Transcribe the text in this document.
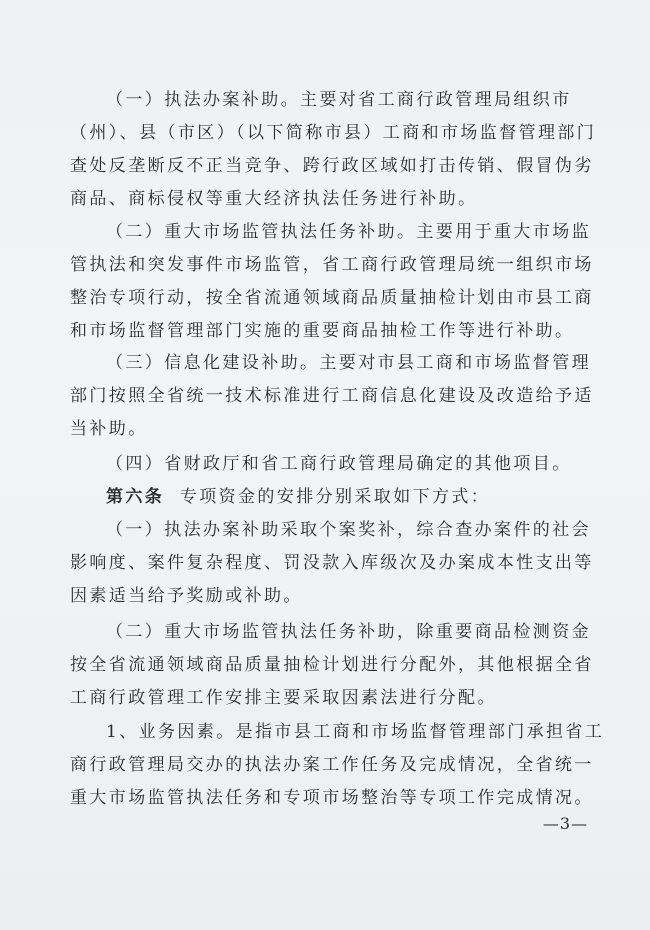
（一）执法办案补助。主要对省工商行政管理局组织市
（州）、县（市区）（以下简称市县）工商和市场监督管理部门
查处反垄断反不正当竞争、跨行政区域如打击传销、假冒伪劣
商品、商标侵权等重大经济执法任务进行补助。
（二）重大市场监管执法任务补助。主要用于重大市场监
管执法和突发事件市场监管，省工商行政管理局统一组织市场
整治专项行动，按全省流通领域商品质量抽检计划由市县工商
和市场监督管理部门实施的重要商品抽检工作等进行补助。
（三）信息化建设补助。主要对市县工商和市场监督管理
部门按照全省统一技术标准进行工商信息化建设及改造给予适
当补助。
（四）省财政厅和省工商行政管理局确定的其他项目。
第六条 专项资金的安排分别采取如下方式：
（一）执法办案补助采取个案奖补，综合查办案件的社会
影响度、案件复杂程度、罚没款入库级次及办案成本性支出等
因素适当给予奖励或补助。
（二）重大市场监管执法任务补助，除重要商品检测资金
按全省流通领域商品质量抽检计划进行分配外，其他根据全省
工商行政管理工作安排主要采取因素法进行分配。
1、业务因素。是指市县工商和市场监督管理部门承担省工
商行政管理局交办的执法办案工作任务及完成情况，全省统一
重大市场监管执法任务和专项市场整治等专项工作完成情况。
—3—
